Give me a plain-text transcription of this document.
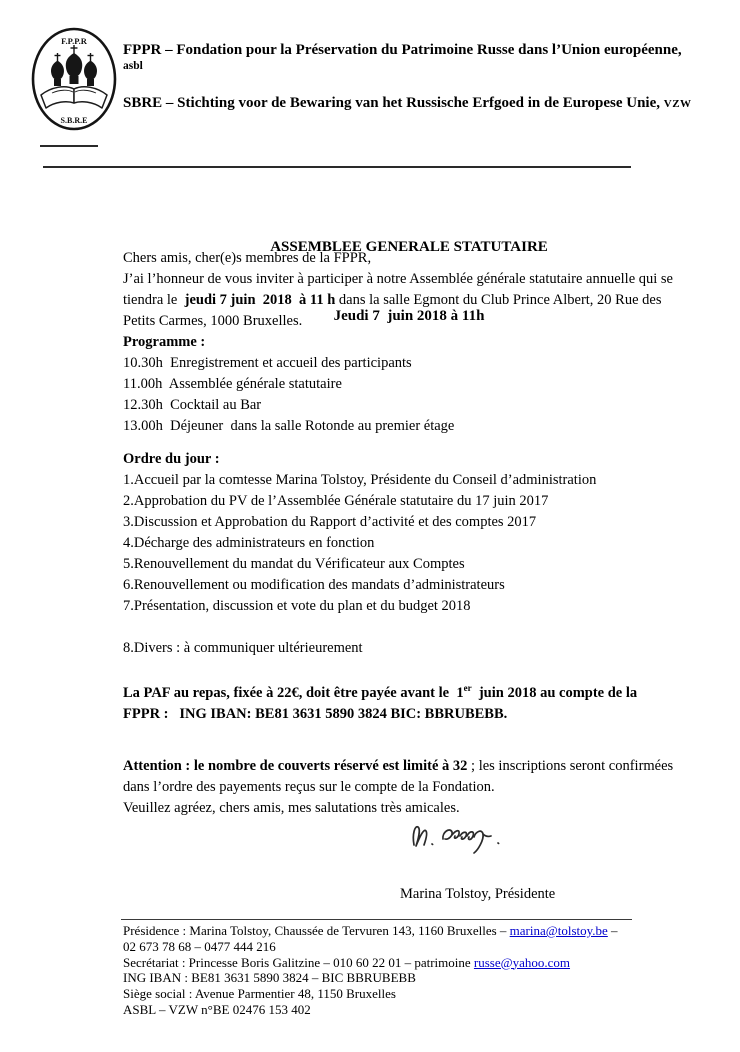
F.P.P.R
S.B.R.E
FPPR – Fondation pour la Préservation du Patrimoine Russe dans l’Union européenne,
asbl
SBRE – Stichting voor de Bewaring van het Russische Erfgoed in de Europese Unie, VZW

ASSEMBLEE GENERALE STATUTAIRE

Jeudi 7  juin 2018 à 11h

Chers amis, cher(e)s membres de la FPPR,
J’ai l’honneur de vous inviter à participer à notre Assemblée générale statutaire annuelle qui se
tiendra le  jeudi 7 juin  2018  à 11 h dans la salle Egmont du Club Prince Albert, 20 Rue des
Petits Carmes, 1000 Bruxelles.
Programme :
10.30h  Enregistrement et accueil des participants
11.00h  Assemblée générale statutaire
12.30h  Cocktail au Bar
13.00h  Déjeuner  dans la salle Rotonde au premier étage
Ordre du jour :
1.Accueil par la comtesse Marina Tolstoy, Présidente du Conseil d’administration
2.Approbation du PV de l’Assemblée Générale statutaire du 17 juin 2017
3.Discussion et Approbation du Rapport d’activité et des comptes 2017
4.Décharge des administrateurs en fonction
5.Renouvellement du mandat du Vérificateur aux Comptes
6.Renouvellement ou modification des mandats d’administrateurs
7.Présentation, discussion et vote du plan et du budget 2018
8.Divers : à communiquer ultérieurement
La PAF au repas, fixée à 22€, doit être payée avant le  1er  juin 2018 au compte de la
FPPR :   ING IBAN: BE81 3631 5890 3824 BIC: BBRUBEBB.
Attention : le nombre de couverts réservé est limité à 32 ; les inscriptions seront confirmées
dans l’ordre des payements reçus sur le compte de la Fondation.
Veuillez agréez, chers amis, mes salutations très amicales.
Marina Tolstoy, Présidente
Présidence : Marina Tolstoy, Chaussée de Tervuren 143, 1160 Bruxelles – marina@tolstoy.be –
02 673 78 68 – 0477 444 216
Secrétariat : Princesse Boris Galitzine – 010 60 22 01 – patrimoine russe@yahoo.com
ING IBAN : BE81 3631 5890 3824 – BIC BBRUBEBB
Siège social : Avenue Parmentier 48, 1150 Bruxelles
ASBL – VZW n°BE 02476 153 402
